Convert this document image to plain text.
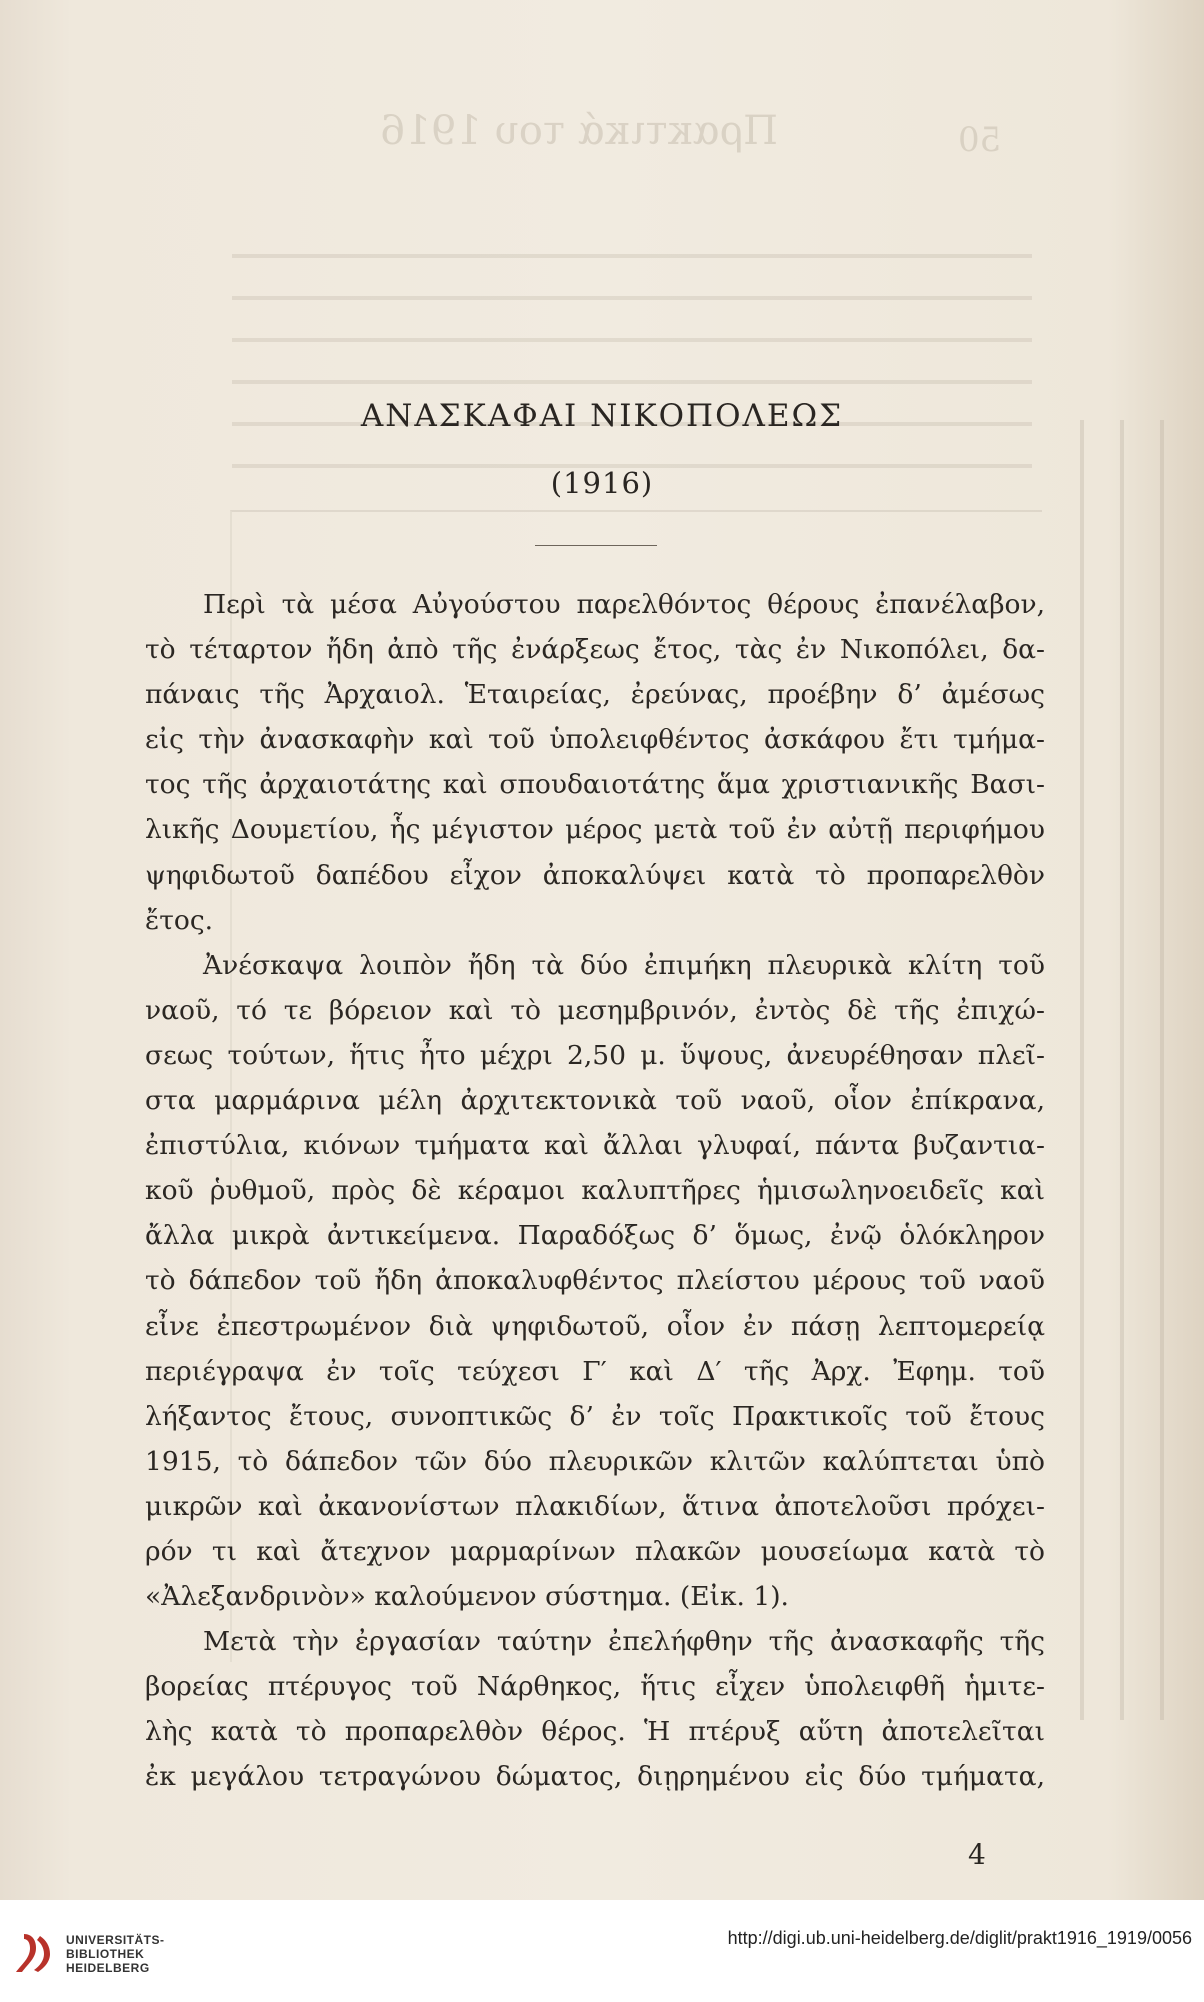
Πρακτικά του 1916	50
ΑΝΑΣΚΑΦΑΙ ΝΙΚΟΠΟΛΕΩΣ
(1916)
Περὶ τὰ μέσα Αὐγούστου παρελθόντος θέρους ἐπανέλαβον,
τὸ τέταρτον ἤδη ἀπὸ τῆς ἐνάρξεως ἔτος, τὰς ἐν Νικοπόλει, δα-
πάναις τῆς Ἀρχαιολ. Ἑταιρείας, ἐρεύνας, προέβην δ’ ἀμέσως
εἰς τὴν ἀνασκαφὴν καὶ τοῦ ὑπολειφθέντος ἀσκάφου ἔτι τμήμα-
τος τῆς ἀρχαιοτάτης καὶ σπουδαιοτάτης ἅμα χριστιανικῆς Βασι-
λικῆς Δουμετίου, ἧς μέγιστον μέρος μετὰ τοῦ ἐν αὐτῇ περιφήμου
ψηφιδωτοῦ δαπέδου εἶχον ἀποκαλύψει κατὰ τὸ προπαρελθὸν
ἔτος.
Ἀνέσκαψα λοιπὸν ἤδη τὰ δύο ἐπιμήκη πλευρικὰ κλίτη τοῦ
ναοῦ, τό τε βόρειον καὶ τὸ μεσημβρινόν, ἐντὸς δὲ τῆς ἐπιχώ-
σεως τούτων, ἥτις ἦτο μέχρι 2,50 μ. ὕψους, ἀνευρέθησαν πλεῖ-
στα μαρμάρινα μέλη ἀρχιτεκτονικὰ τοῦ ναοῦ, οἷον ἐπίκρανα,
ἐπιστύλια, κιόνων τμήματα καὶ ἄλλαι γλυφαί, πάντα βυζαντια-
κοῦ ῥυθμοῦ, πρὸς δὲ κέραμοι καλυπτῆρες ἡμισωληνοειδεῖς καὶ
ἄλλα μικρὰ ἀντικείμενα. Παραδόξως δ’ ὅμως, ἐνῷ ὁλόκληρον
τὸ δάπεδον τοῦ ἤδη ἀποκαλυφθέντος πλείστου μέρους τοῦ ναοῦ
εἶνε ἐπεστρωμένον διὰ ψηφιδωτοῦ, οἷον ἐν πάσῃ λεπτομερείᾳ
περιέγραψα ἐν τοῖς τεύχεσι Γ′ καὶ Δ′ τῆς Ἀρχ. Ἐφημ. τοῦ
λήξαντος ἔτους, συνοπτικῶς δ’ ἐν τοῖς Πρακτικοῖς τοῦ ἔτους
1915, τὸ δάπεδον τῶν δύο πλευρικῶν κλιτῶν καλύπτεται ὑπὸ
μικρῶν καὶ ἀκανονίστων πλακιδίων, ἅτινα ἀποτελοῦσι πρόχει-
ρόν τι καὶ ἄτεχνον μαρμαρίνων πλακῶν μουσείωμα κατὰ τὸ
«Ἀλεξανδρινὸν» καλούμενον σύστημα. (Εἰκ. 1).
Μετὰ τὴν ἐργασίαν ταύτην ἐπελήφθην τῆς ἀνασκαφῆς τῆς
βορείας πτέρυγος τοῦ Νάρθηκος, ἥτις εἶχεν ὑπολειφθῆ ἡμιτε-
λὴς κατὰ τὸ προπαρελθὸν θέρος. Ἡ πτέρυξ αὕτη ἀποτελεῖται
ἐκ μεγάλου τετραγώνου δώματος, διῃρημένου εἰς δύο τμήματα,
4
UNIVERSITÄTS-
BIBLIOTHEK
HEIDELBERG
http://digi.ub.uni-heidelberg.de/diglit/prakt1916_1919/0056
